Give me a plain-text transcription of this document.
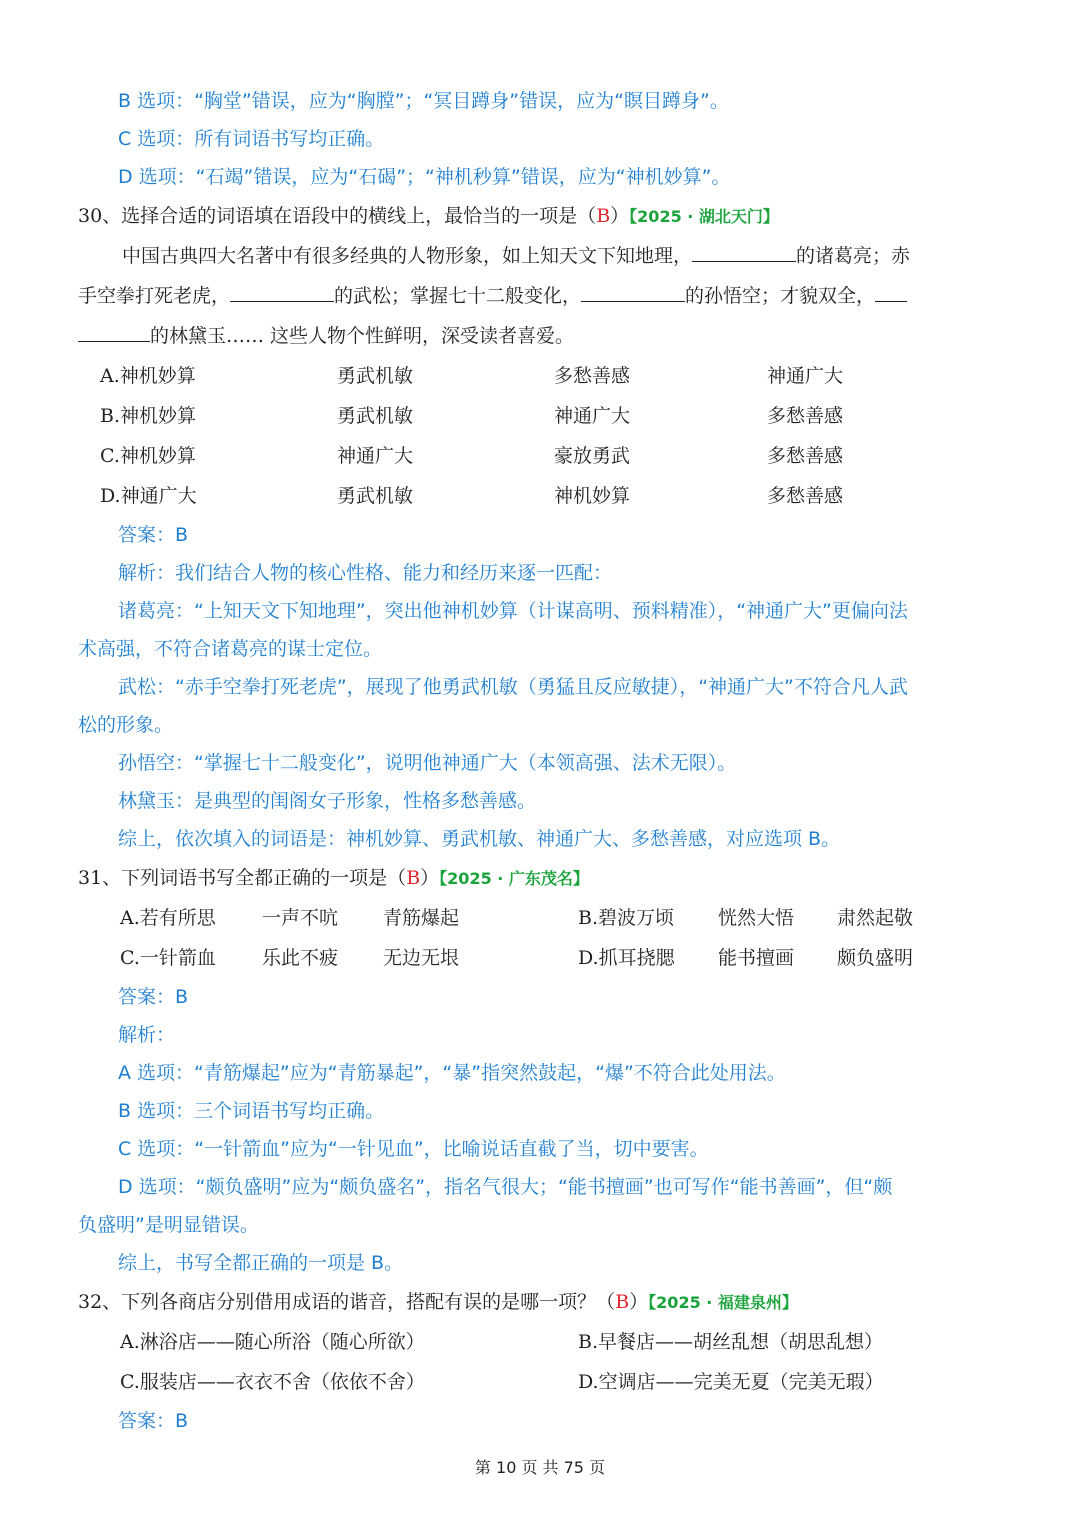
B 选项：“胸堂”错误，应为“胸膛”；“冥目蹲身”错误，应为“瞑目蹲身”。
C 选项：所有词语书写均正确。
D 选项：“石竭”错误，应为“石碣”；“神机秒算”错误，应为“神机妙算”。
30、选择合适的词语填在语段中的横线上，最恰当的一项是（B）【2025 · 湖北天门】
中国古典四大名著中有很多经典的人物形象，如上知天文下知地理，	的诸葛亮；赤
手空拳打死老虎，	的武松；掌握七十二般变化，	的孙悟空；才貌双全，
的林黛玉…… 这些人物个性鲜明，深受读者喜爱。
A.神机妙算	勇武机敏	多愁善感	神通广大
B.神机妙算	勇武机敏	神通广大	多愁善感
C.神机妙算	神通广大	豪放勇武	多愁善感
D.神通广大	勇武机敏	神机妙算	多愁善感
答案：B
解析：我们结合人物的核心性格、能力和经历来逐一匹配：
诸葛亮：“上知天文下知地理”，突出他神机妙算（计谋高明、预料精准），“神通广大”更偏向法
术高强，不符合诸葛亮的谋士定位。
武松：“赤手空拳打死老虎”，展现了他勇武机敏（勇猛且反应敏捷），“神通广大”不符合凡人武
松的形象。
孙悟空：“掌握七十二般变化”，说明他神通广大（本领高强、法术无限）。
林黛玉：是典型的闺阁女子形象，性格多愁善感。
综上，依次填入的词语是：神机妙算、勇武机敏、神通广大、多愁善感，对应选项 B。
31、下列词语书写全都正确的一项是（B）【2025 · 广东茂名】
A.若有所思 一声不吭 青筋爆起	B.碧波万顷 恍然大悟 肃然起敬
C.一针箭血 乐此不疲 无边无垠	D.抓耳挠腮 能书擅画 颇负盛明
答案：B
解析：
A 选项：“青筋爆起”应为“青筋暴起”，“暴”指突然鼓起，“爆”不符合此处用法。
B 选项：三个词语书写均正确。
C 选项：“一针箭血”应为“一针见血”，比喻说话直截了当，切中要害。
D 选项：“颇负盛明”应为“颇负盛名”，指名气很大；“能书擅画”也可写作“能书善画”，但“颇
负盛明”是明显错误。
综上，书写全都正确的一项是 B。
32、下列各商店分别借用成语的谐音，搭配有误的是哪一项？（B）【2025 · 福建泉州】
A.淋浴店——随心所浴（随心所欲）	B.早餐店——胡丝乱想（胡思乱想）
C.服装店——衣衣不舍（依依不舍）	D.空调店——完美无夏（完美无瑕）
答案：B
第 10 页 共 75 页
